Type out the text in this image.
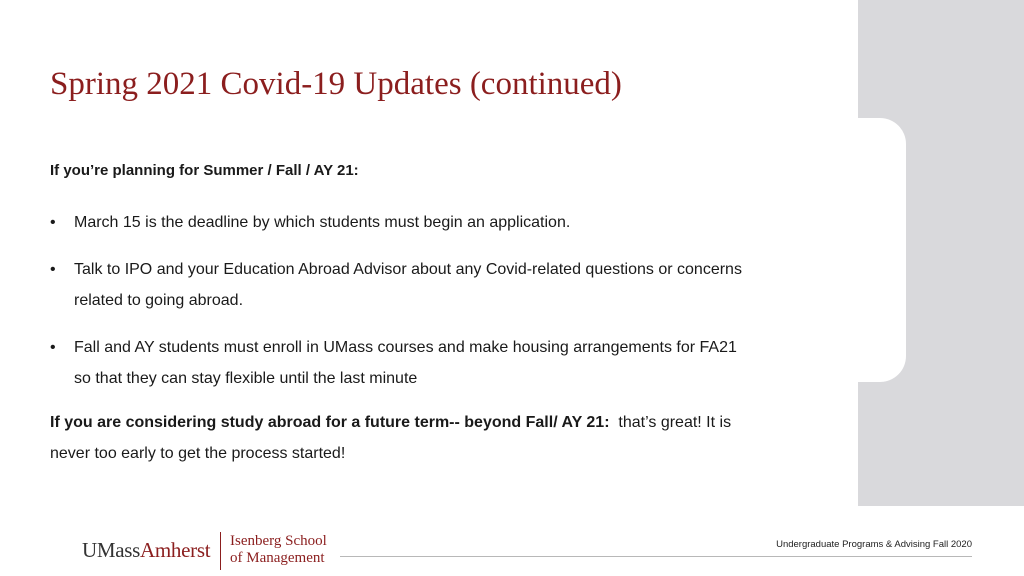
Spring 2021 Covid-19 Updates (continued)

If you’re planning for Summer / Fall / AY 21:

• March 15 is the deadline by which students must begin an application.
• Talk to IPO and your Education Abroad Advisor about any Covid-related questions or concerns
related to going abroad.
• Fall and AY students must enroll in UMass courses and make housing arrangements for FA21
so that they can stay flexible until the last minute

If you are considering study abroad for a future term-- beyond Fall/ AY 21: that’s great! It is
never too early to get the process started!

UMassAmherst Isenberg School
of Management
Undergraduate Programs & Advising Fall 2020
